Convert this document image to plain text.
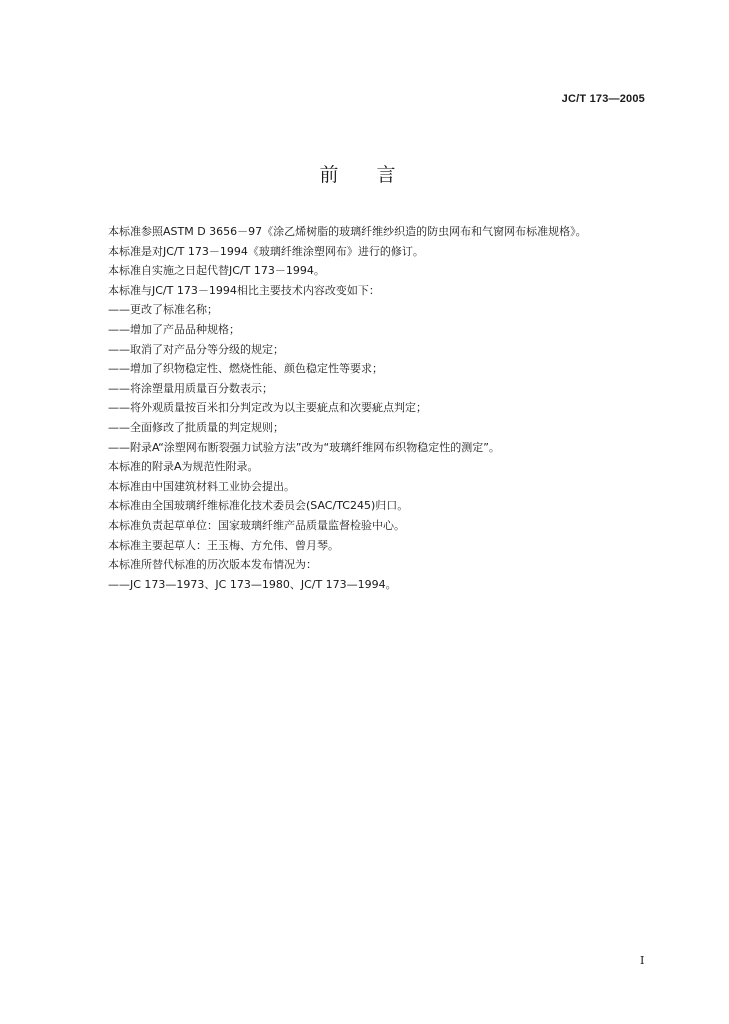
JC/T 173—2005
前言
本标准参照ASTM D 3656－97《涂乙烯树脂的玻璃纤维纱织造的防虫网布和气窗网布标准规格》。
本标准是对JC/T 173－1994《玻璃纤维涂塑网布》进行的修订。
本标准自实施之日起代替JC/T 173－1994。
本标准与JC/T 173－1994相比主要技术内容改变如下：
——更改了标准名称；
——增加了产品品种规格；
——取消了对产品分等分级的规定；
——增加了织物稳定性、燃烧性能、颜色稳定性等要求；
——将涂塑量用质量百分数表示；
——将外观质量按百米扣分判定改为以主要疵点和次要疵点判定；
——全面修改了批质量的判定规则；
——附录A“涂塑网布断裂强力试验方法”改为“玻璃纤维网布织物稳定性的测定”。
本标准的附录A为规范性附录。
本标准由中国建筑材料工业协会提出。
本标准由全国玻璃纤维标准化技术委员会(SAC/TC245)归口。
本标准负责起草单位：国家玻璃纤维产品质量监督检验中心。
本标准主要起草人：王玉梅、方允伟、曾月琴。
本标准所替代标准的历次版本发布情况为：
——JC 173—1973、JC 173—1980、JC/T 173—1994。
I
